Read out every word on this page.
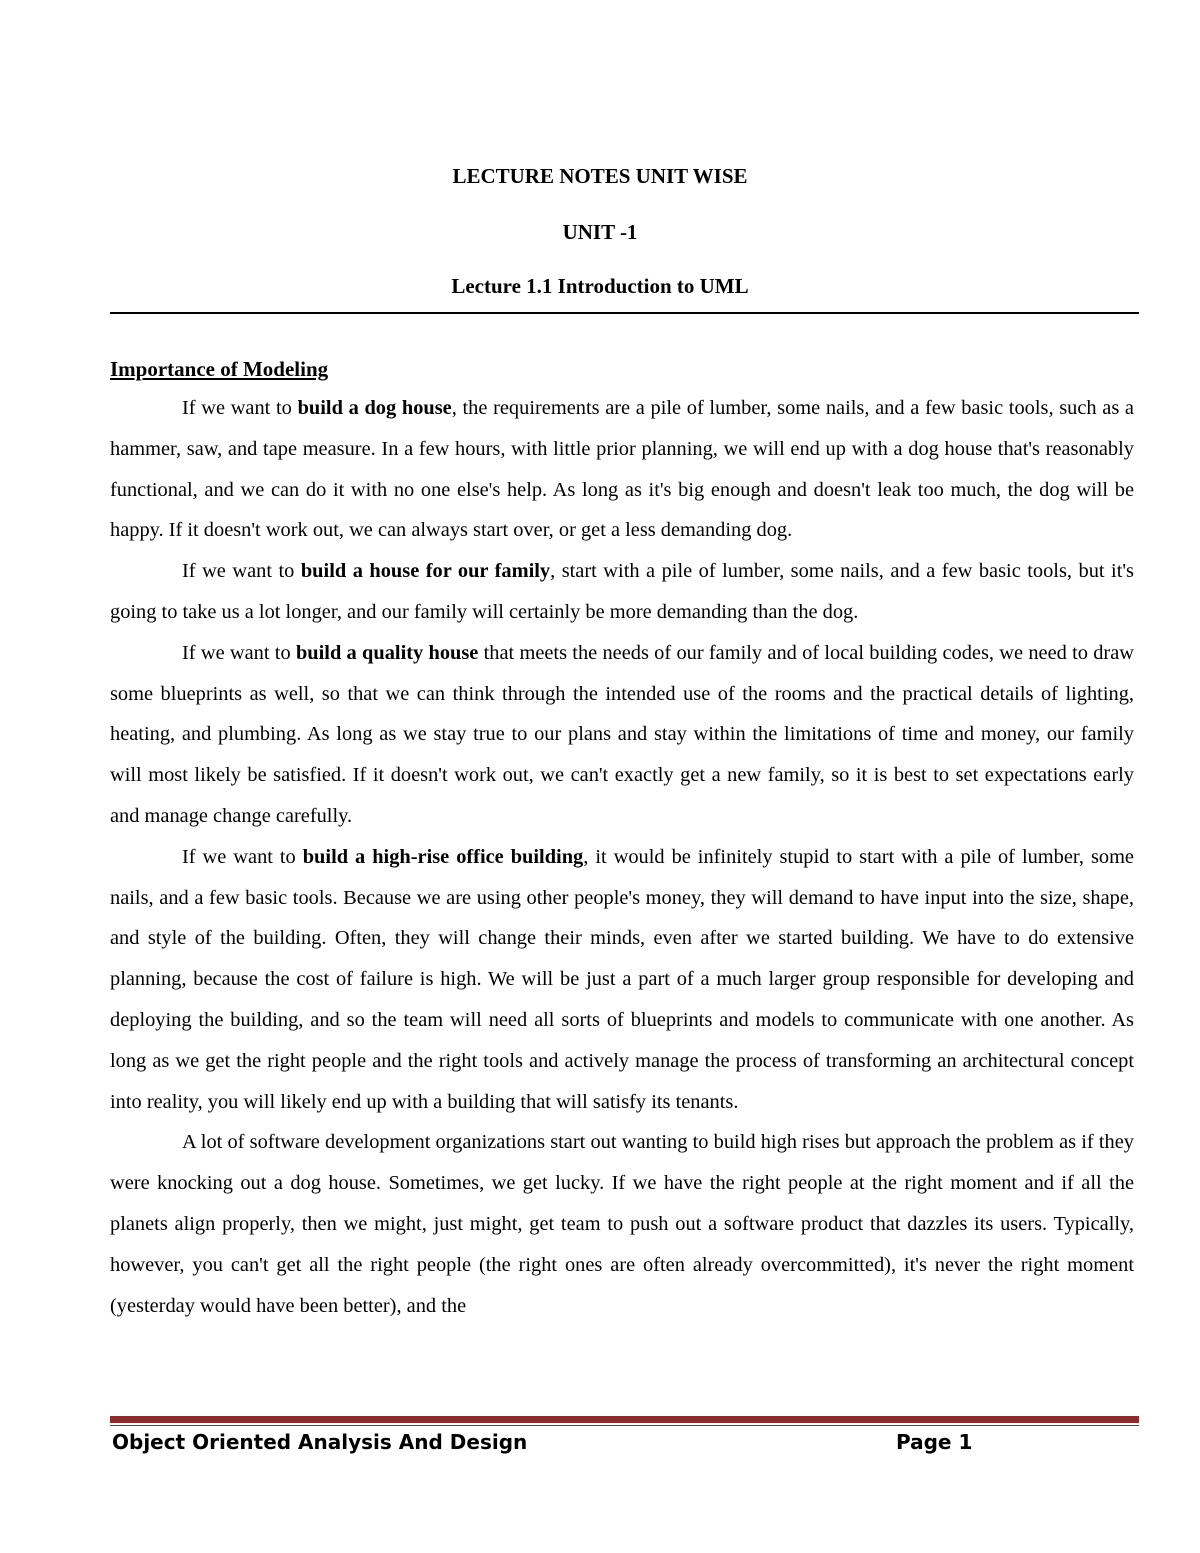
LECTURE NOTES UNIT WISE
UNIT -1
Lecture 1.1 Introduction to UML
Importance of Modeling

If we want to build a dog house, the requirements are a pile of lumber, some nails, and a few basic tools, such as a hammer, saw, and tape measure. In a few hours, with little prior planning, we will end up with a dog house that's reasonably functional, and we can do it with no one else's help. As long as it's big enough and doesn't leak too much, the dog will be happy. If it doesn't work out, we can always start over, or get a less demanding dog.

If we want to build a house for our family, start with a pile of lumber, some nails, and a few basic tools, but it's going to take us a lot longer, and our family will certainly be more demanding than the dog.

If we want to build a quality house that meets the needs of our family and of local building codes, we need to draw some blueprints as well, so that we can think through the intended use of the rooms and the practical details of lighting, heating, and plumbing. As long as we stay true to our plans and stay within the limitations of time and money, our family will most likely be satisfied. If it doesn't work out, we can't exactly get a new family, so it is best to set expectations early and manage change carefully.

If we want to build a high-rise office building, it would be infinitely stupid to start with a pile of lumber, some nails, and a few basic tools. Because we are using other people's money, they will demand to have input into the size, shape, and style of the building. Often, they will change their minds, even after we started building. We have to do extensive planning, because the cost of failure is high. We will be just a part of a much larger group responsible for developing and deploying the building, and so the team will need all sorts of blueprints and models to communicate with one another. As long as we get the right people and the right tools and actively manage the process of transforming an architectural concept into reality, you will likely end up with a building that will satisfy its tenants.

A lot of software development organizations start out wanting to build high rises but approach the problem as if they were knocking out a dog house. Sometimes, we get lucky. If we have the right people at the right moment and if all the planets align properly, then we might, just might, get team to push out a software product that dazzles its users. Typically, however, you can't get all the right people (the right ones are often already overcommitted), it's never the right moment (yesterday would have been better), and the

Object Oriented Analysis And Design	Page 1
